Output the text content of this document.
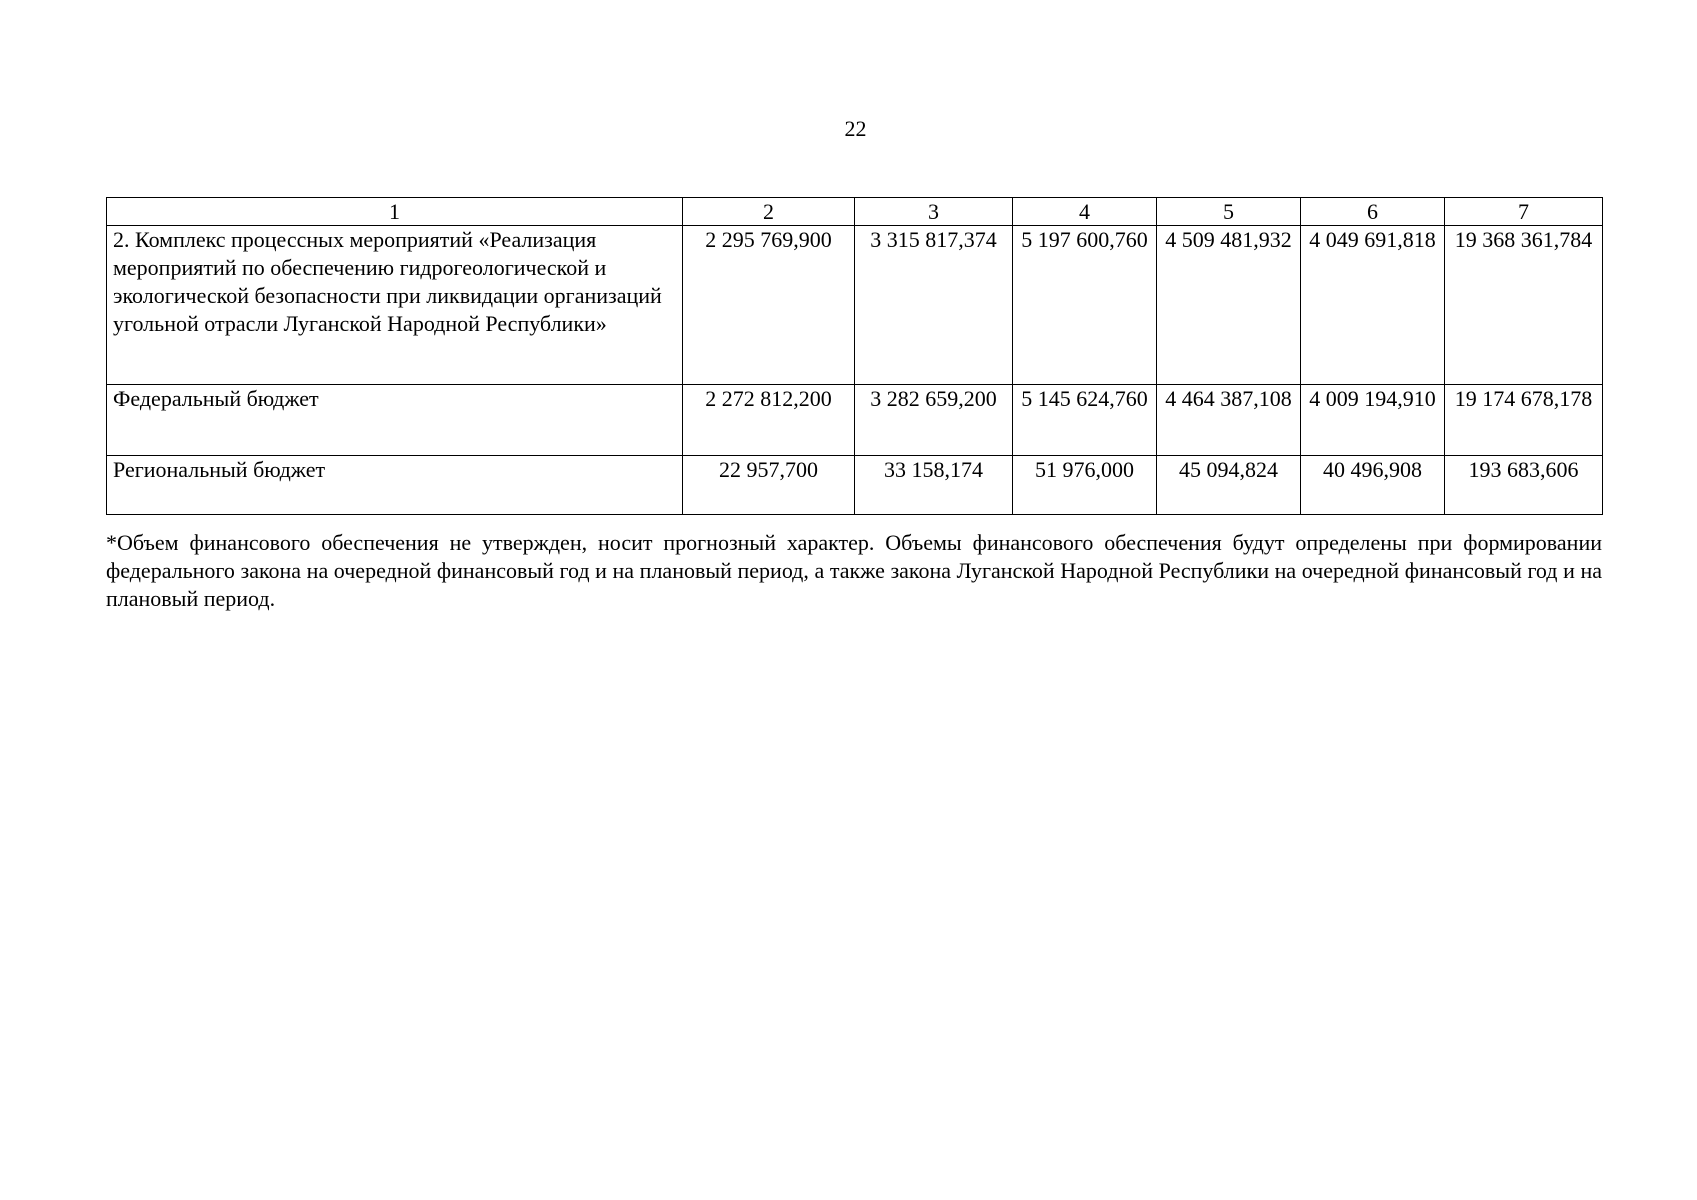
22
1	2	3	4	5	6	7
2. Комплекс процессных мероприятий «Реализация мероприятий по обеспечению гидрогеологической и экологической безопасности при ликвидации организаций угольной отрасли Луганской Народной Республики»	2 295 769,900	3 315 817,374	5 197 600,760	4 509 481,932	4 049 691,818	19 368 361,784
Федеральный бюджет	2 272 812,200	3 282 659,200	5 145 624,760	4 464 387,108	4 009 194,910	19 174 678,178
Региональный бюджет	22 957,700	33 158,174	51 976,000	45 094,824	40 496,908	193 683,606
*Объем финансового обеспечения не утвержден, носит прогнозный характер. Объемы финансового обеспечения будут определены при формировании федерального закона на очередной финансовый год и на плановый период, а также закона Луганской Народной Республики на очередной финансовый год и на плановый период.
